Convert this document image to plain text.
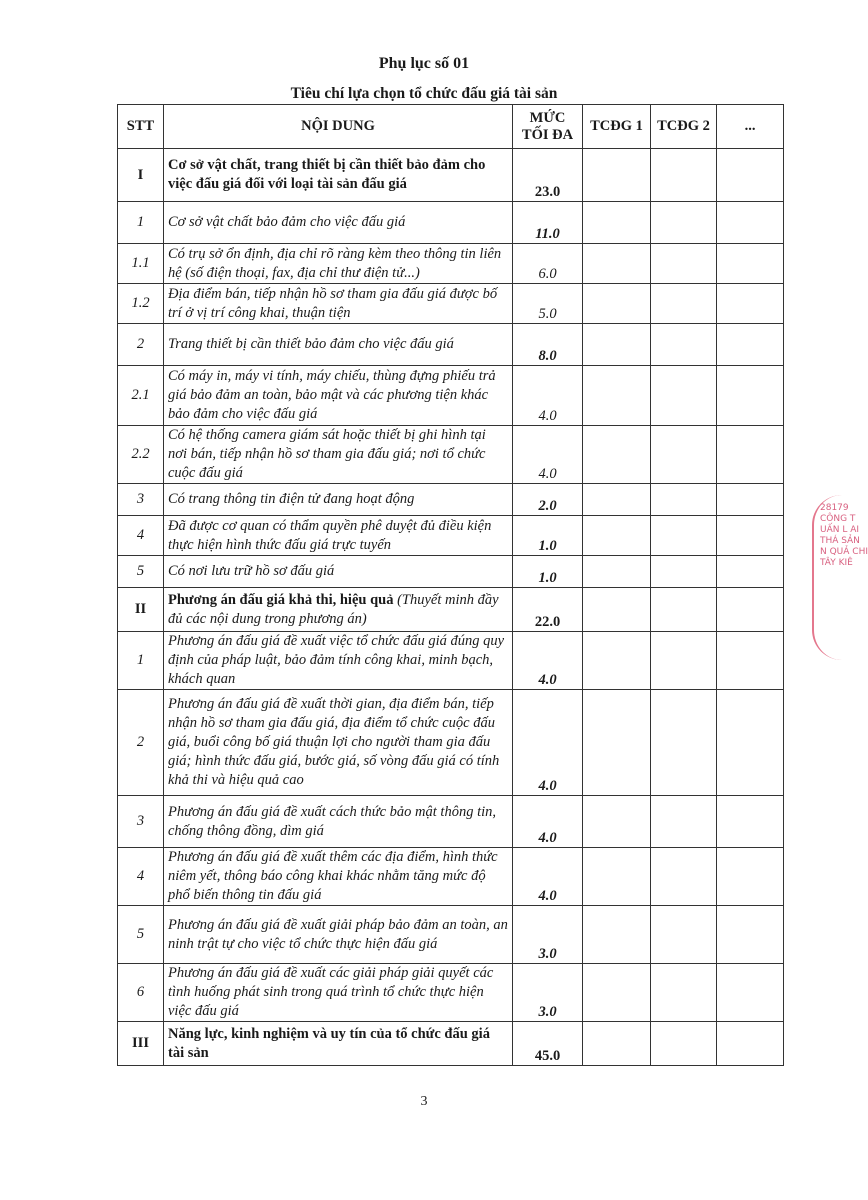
Phụ lục số 01
Tiêu chí lựa chọn tổ chức đấu giá tài sản
STT	NỘI DUNG	MỨC TỐI ĐA	TCĐG 1	TCĐG 2	...
I	Cơ sở vật chất, trang thiết bị cần thiết bảo đảm cho việc đấu giá đối với loại tài sản đấu giá	23.0			
1	Cơ sở vật chất bảo đảm cho việc đấu giá	11.0			
1.1	Có trụ sở ổn định, địa chỉ rõ ràng kèm theo thông tin liên hệ (số điện thoại, fax, địa chỉ thư điện tử...)	6.0			
1.2	Địa điểm bán, tiếp nhận hồ sơ tham gia đấu giá được bố trí ở vị trí công khai, thuận tiện	5.0			
2	Trang thiết bị cần thiết bảo đảm cho việc đấu giá	8.0			
2.1	Có máy in, máy vi tính, máy chiếu, thùng đựng phiếu trả giá bảo đảm an toàn, bảo mật và các phương tiện khác bảo đảm cho việc đấu giá	4.0			
2.2	Có hệ thống camera giám sát hoặc thiết bị ghi hình tại nơi bán, tiếp nhận hồ sơ tham gia đấu giá; nơi tổ chức cuộc đấu giá	4.0			
3	Có trang thông tin điện tử đang hoạt động	2.0			
4	Đã được cơ quan có thẩm quyền phê duyệt đủ điều kiện thực hiện hình thức đấu giá trực tuyến	1.0			
5	Có nơi lưu trữ hồ sơ đấu giá	1.0			
II	Phương án đấu giá khả thi, hiệu quả (Thuyết minh đầy đủ các nội dung trong phương án)	22.0			
1	Phương án đấu giá đề xuất việc tổ chức đấu giá đúng quy định của pháp luật, bảo đảm tính công khai, minh bạch, khách quan	4.0			
2	Phương án đấu giá đề xuất thời gian, địa điểm bán, tiếp nhận hồ sơ tham gia đấu giá, địa điểm tổ chức cuộc đấu giá, buổi công bố giá thuận lợi cho người tham gia đấu giá; hình thức đấu giá, bước giá, số vòng đấu giá có tính khả thi và hiệu quả cao	4.0			
3	Phương án đấu giá đề xuất cách thức bảo mật thông tin, chống thông đồng, dìm giá	4.0			
4	Phương án đấu giá đề xuất thêm các địa điểm, hình thức niêm yết, thông báo công khai khác nhằm tăng mức độ phổ biến thông tin đấu giá	4.0			
5	Phương án đấu giá đề xuất giải pháp bảo đảm an toàn, an ninh trật tự cho việc tổ chức thực hiện đấu giá	3.0			
6	Phương án đấu giá đề xuất các giải pháp giải quyết các tình huống phát sinh trong quá trình tổ chức thực hiện việc đấu giá	3.0			
III	Năng lực, kinh nghiệm và uy tín của tổ chức đấu giá tài sản	45.0			
28179 CÔNG T UẤN L AI THÁ SẢN N QUẢ CHI TÂY KIÊ
3
